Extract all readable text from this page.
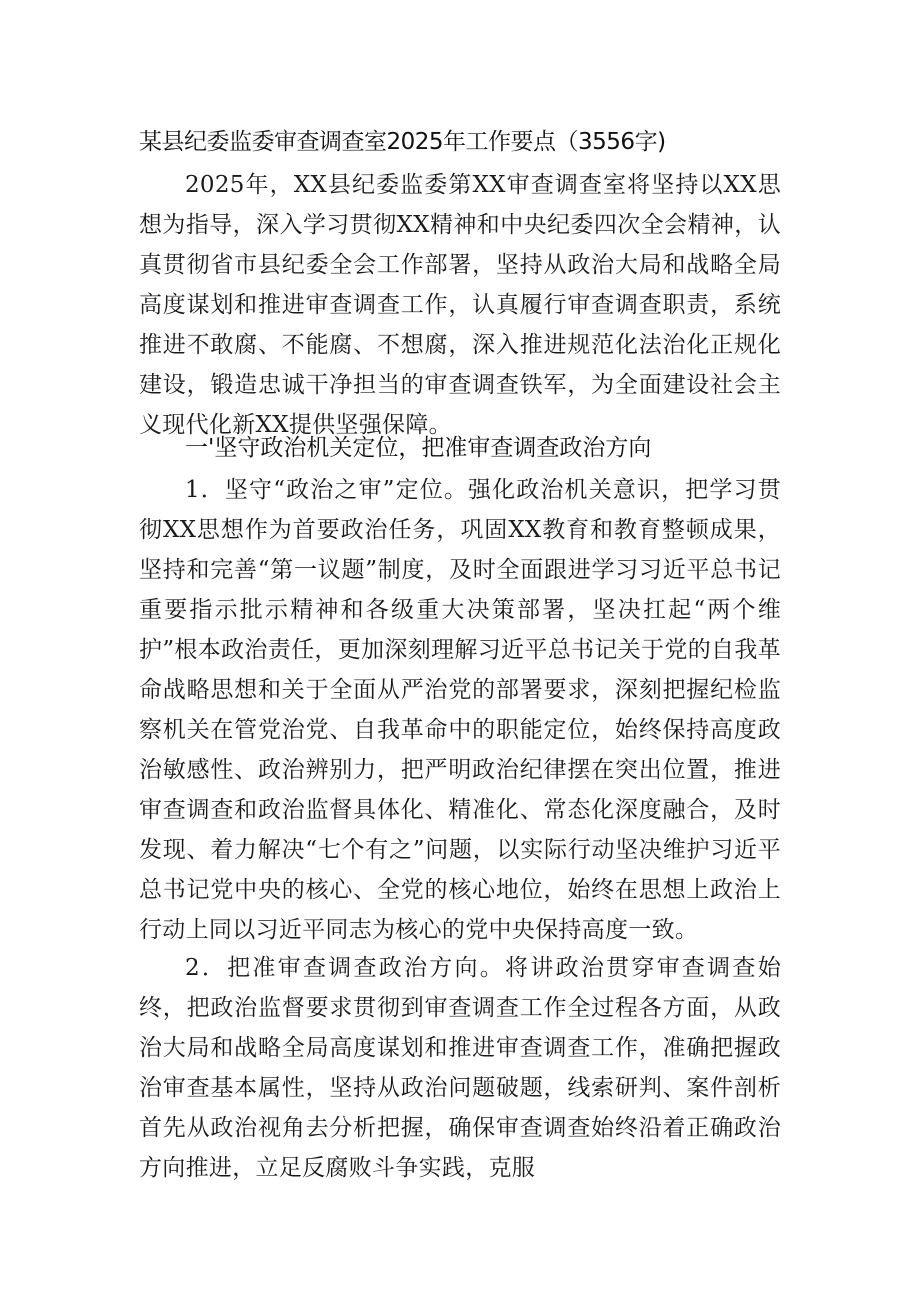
某县纪委监委审查调查室2025年工作要点（3556字)
2025年，XX县纪委监委第XX审查调查室将坚持以XX思想为指导，深入学习贯彻XX精神和中央纪委四次全会精神，认真贯彻省市县纪委全会工作部署，坚持从政治大局和战略全局高度谋划和推进审查调查工作，认真履行审查调查职责，系统推进不敢腐、不能腐、不想腐，深入推进规范化法治化正规化建设，锻造忠诚干净担当的审查调查铁军，为全面建设社会主义现代化新XX提供坚强保障。
一'坚守政治机关定位，把准审查调查政治方向
1．坚守“政治之审”定位。强化政治机关意识，把学习贯彻XX思想作为首要政治任务，巩固XX教育和教育整顿成果，坚持和完善“第一议题”制度，及时全面跟进学习习近平总书记重要指示批示精神和各级重大决策部署，坚决扛起“两个维护”根本政治责任，更加深刻理解习近平总书记关于党的自我革命战略思想和关于全面从严治党的部署要求，深刻把握纪检监察机关在管党治党、自我革命中的职能定位，始终保持高度政治敏感性、政治辨别力，把严明政治纪律摆在突出位置，推进审查调查和政治监督具体化、精准化、常态化深度融合，及时发现、着力解决“七个有之”问题，以实际行动坚决维护习近平总书记党中央的核心、全党的核心地位，始终在思想上政治上行动上同以习近平同志为核心的党中央保持高度一致。
2．把准审查调查政治方向。将讲政治贯穿审查调查始终，把政治监督要求贯彻到审查调查工作全过程各方面，从政治大局和战略全局高度谋划和推进审查调查工作，准确把握政治审查基本属性，坚持从政治问题破题，线索研判、案件剖析首先从政治视角去分析把握，确保审查调查始终沿着正确政治方向推进，立足反腐败斗争实践，克服
